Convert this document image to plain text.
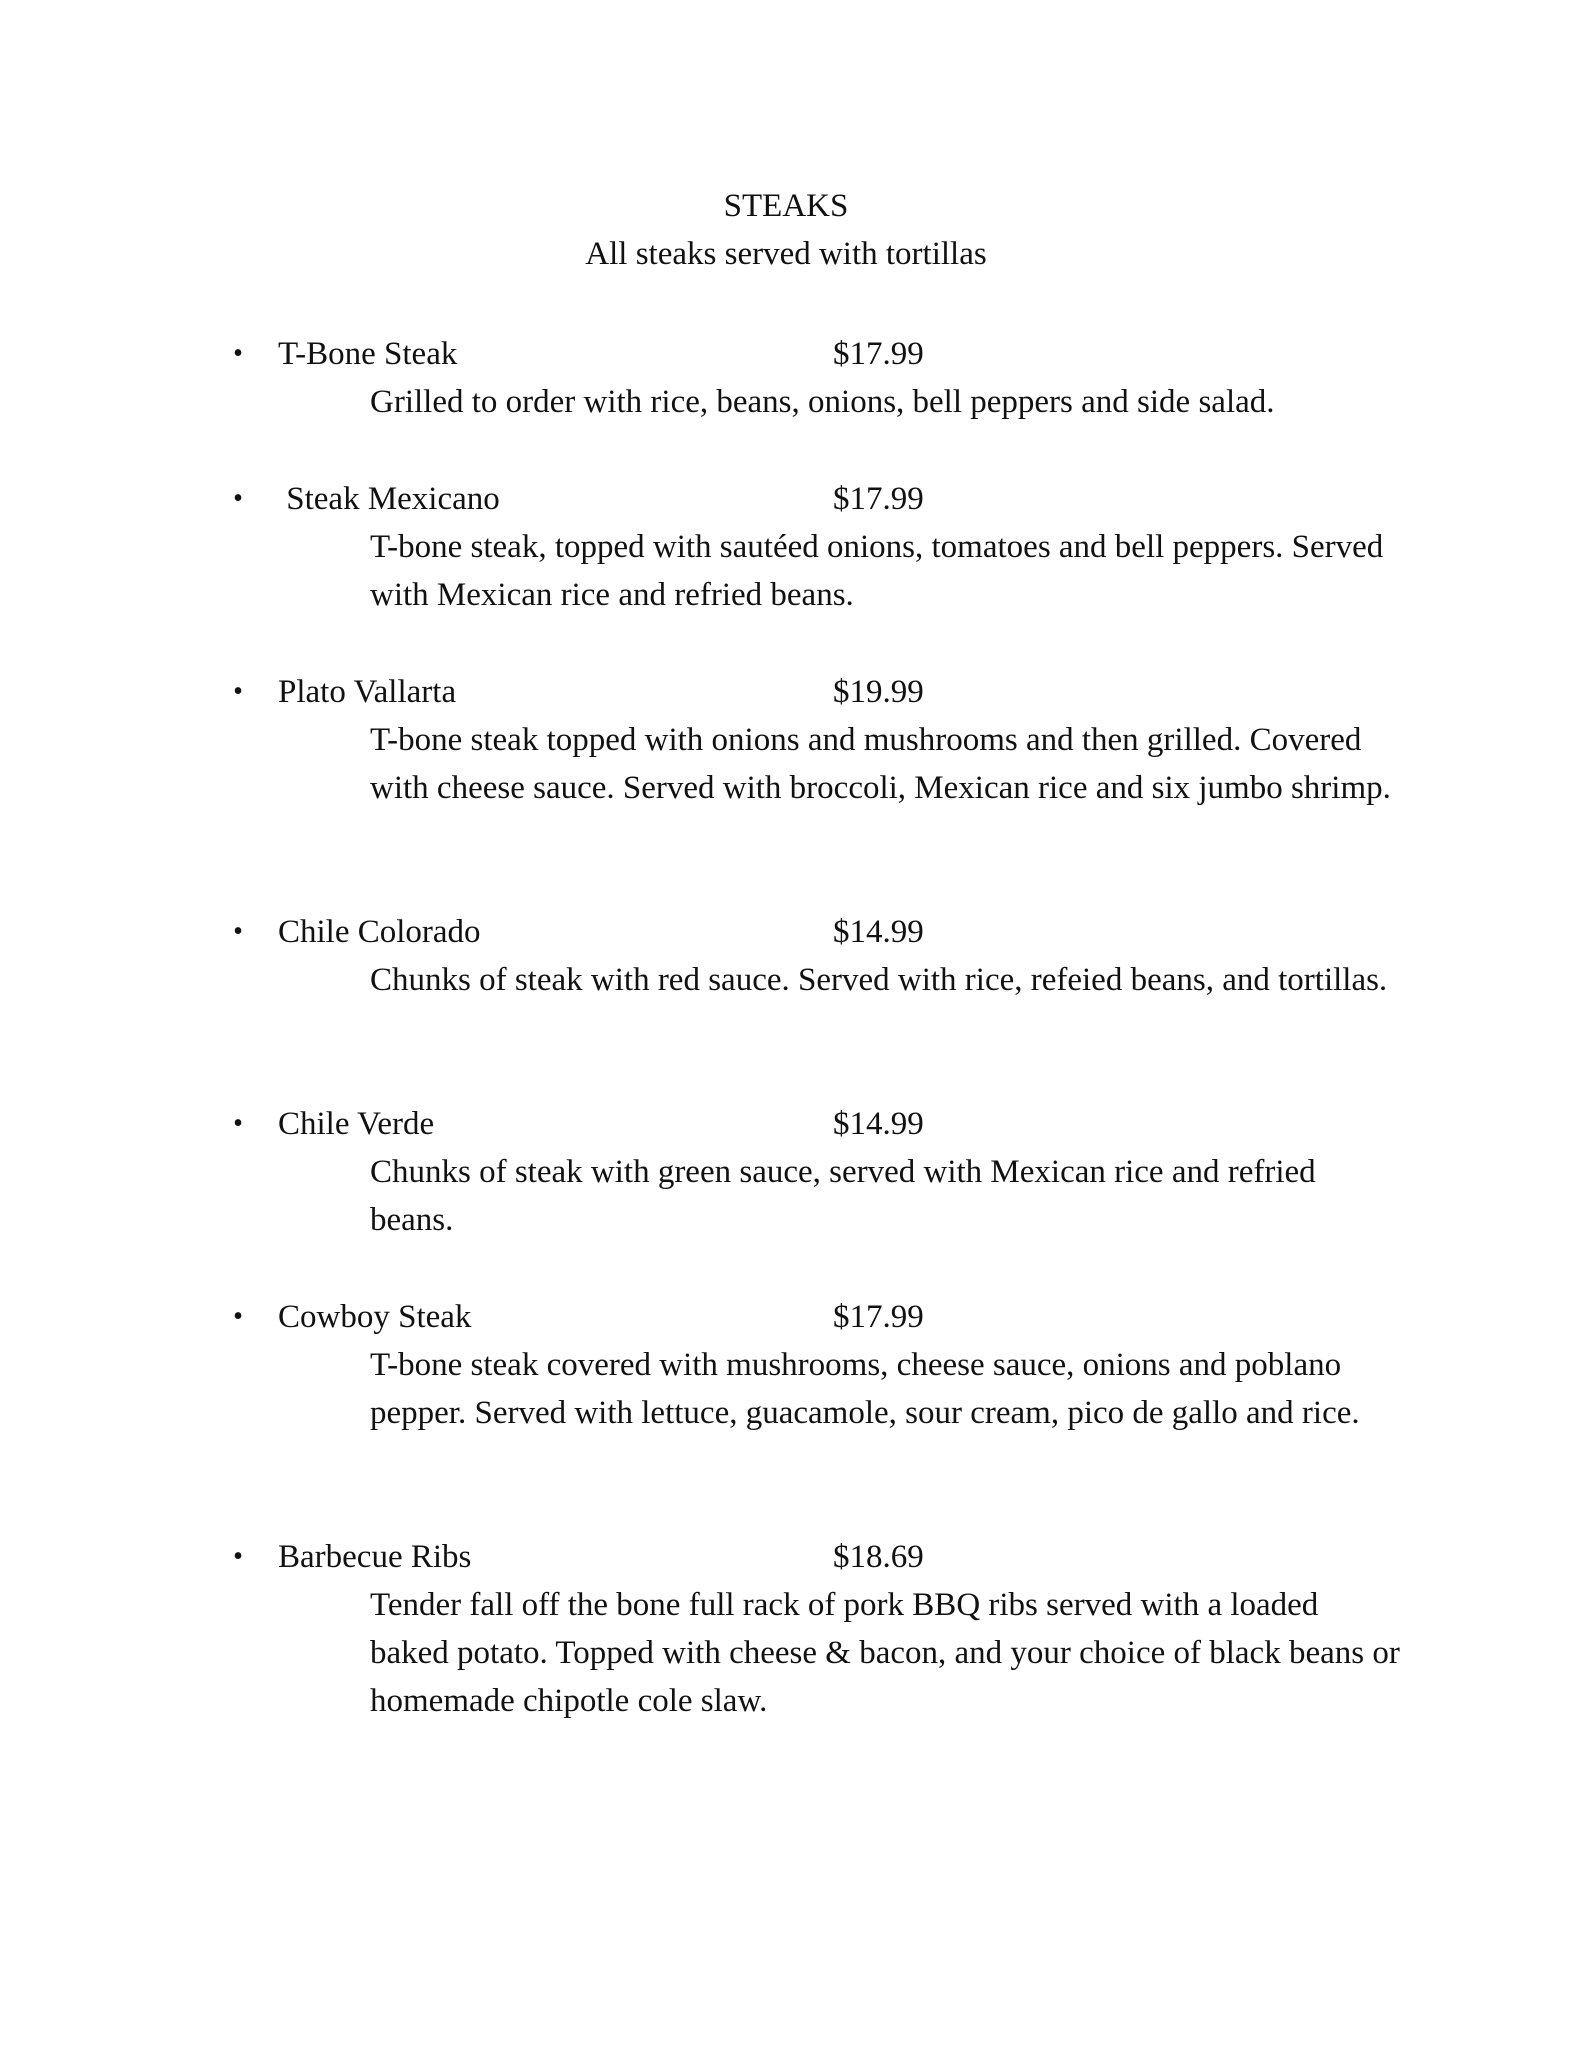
STEAKS
All steaks served with tortillas
• T-Bone Steak	$17.99
Grilled to order with rice, beans, onions, bell peppers and side salad.
• Steak Mexicano	$17.99
T-bone steak, topped with sautéed onions, tomatoes and bell peppers. Served with Mexican rice and refried beans.
• Plato Vallarta	$19.99
T-bone steak topped with onions and mushrooms and then grilled. Covered with cheese sauce. Served with broccoli, Mexican rice and six jumbo shrimp.
• Chile Colorado	$14.99
Chunks of steak with red sauce. Served with rice, refeied beans, and tortillas.
• Chile Verde	$14.99
Chunks of steak with green sauce, served with Mexican rice and refried beans.
• Cowboy Steak	$17.99
T-bone steak covered with mushrooms, cheese sauce, onions and poblano pepper. Served with lettuce, guacamole, sour cream, pico de gallo and rice.
• Barbecue Ribs	$18.69
Tender fall off the bone full rack of pork BBQ ribs served with a loaded baked potato. Topped with cheese & bacon, and your choice of black beans or homemade chipotle cole slaw.
